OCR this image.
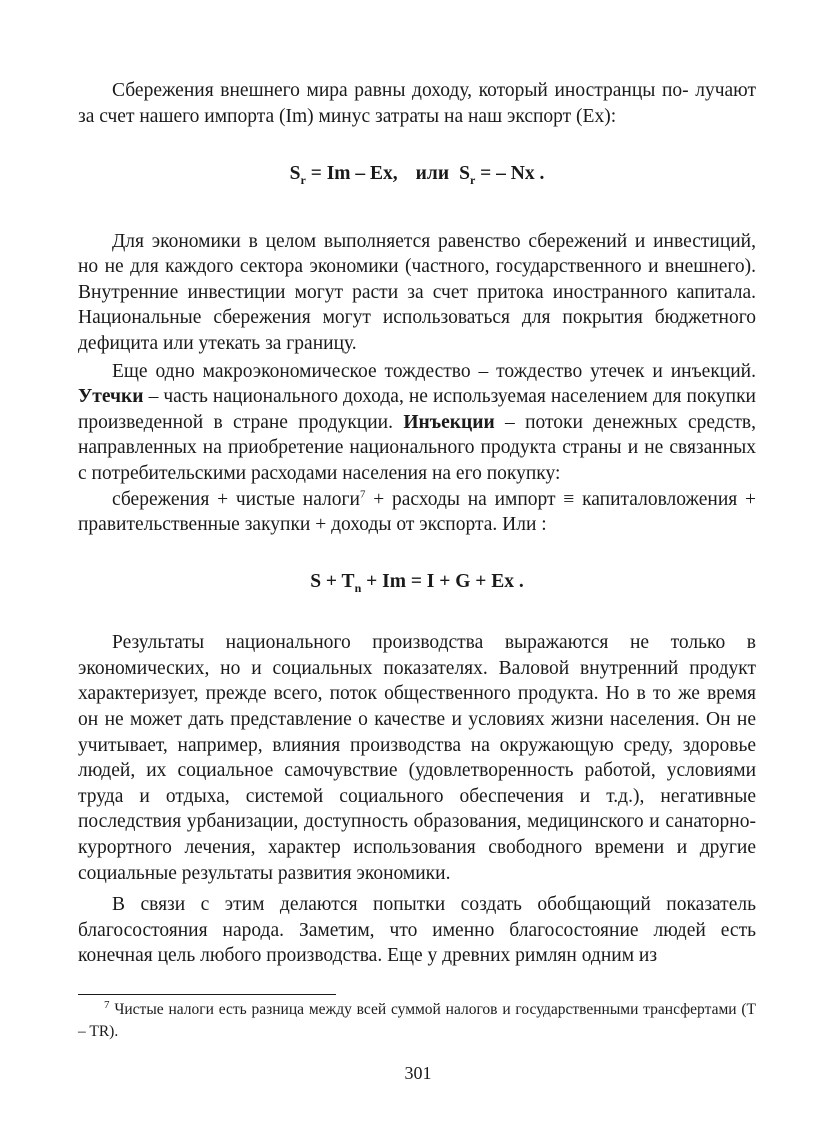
Сбережения внешнего мира равны доходу, который иностранцы по- лучают за счет нашего импорта (Im) минус затраты на наш экспорт (Ex):

$S_r = Im - Ex$, или $S_r$ = – Nx .

Для экономики в целом выполняется равенство сбережений и инвестиций, но не для каждого сектора экономики (частного, государственного и внешнего). Внутренние инвестиции могут расти за счет притока иностранного капитала. Национальные сбережения могут использоваться для покрытия бюджетного дефицита или утекать за границу.

Еще одно макроэкономическое тождество – тождество утечек и инъекций. Утечки – часть национального дохода, не используемая населением для покупки произведенной в стране продукции. Инъекции – потоки денежных средств, направленных на приобретение национального продукта страны и не связанных с потребительскими расходами населения на его покупку:

сбережения + чистые налоги$^7$ + расходы на импорт ≡ капиталовложения + правительственные закупки + доходы от экспорта. Или :

$S + T_n + Im = I + G + Ex$ .

Результаты национального производства выражаются не только в экономических, но и социальных показателях. Валовой внутренний продукт характеризует, прежде всего, поток общественного продукта. Но в то же время он не может дать представление о качестве и условиях жизни населения. Он не учитывает, например, влияния производства на окружающую среду, здоровье людей, их социальное самочувствие (удовлетворенность работой, условиями труда и отдыха, системой социального обеспечения и т.д.), негативные последствия урбанизации, доступность образования, медицинского и санаторно-курортного лечения, характер использования свободного времени и другие социальные результаты развития экономики.

В связи с этим делаются попытки создать обобщающий показатель благосостояния народа. Заметим, что именно благосостояние людей есть конечная цель любого производства. Еще у древних римлян одним из

$^7$ Чистые налоги есть разница между всей суммой налогов и государственными трансфертами (T – TR).

301
